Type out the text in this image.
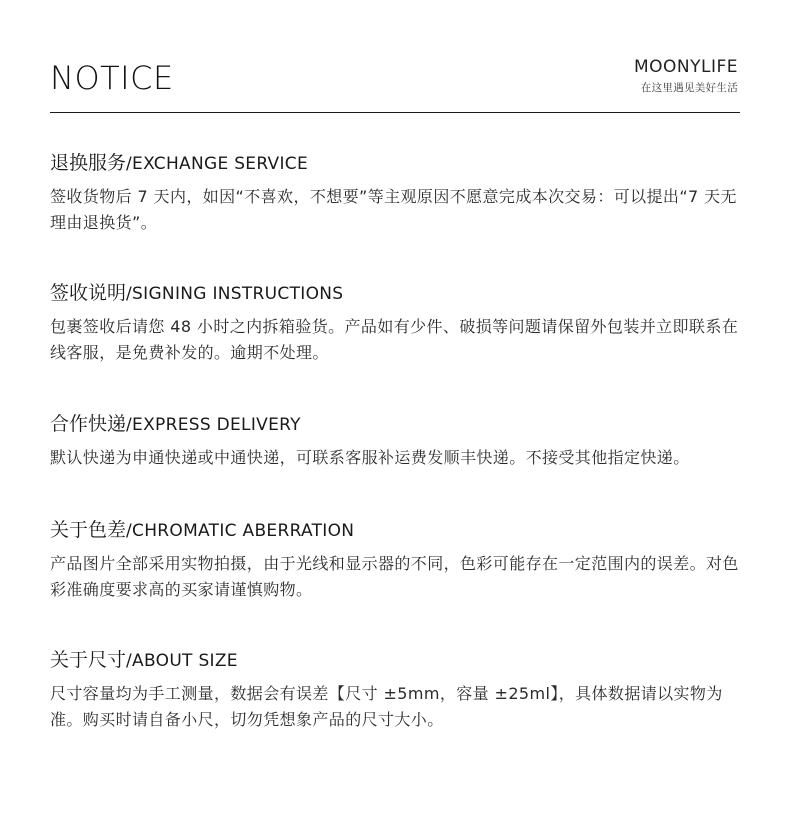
NOTICE	MOONYLIFE
在这里遇见美好生活
退换服务/EXCHANGE SERVICE
签收货物后 7 天内，如因“不喜欢，不想要”等主观原因不愿意完成本次交易：可以提出“7 天无理由退换货”。
签收说明/SIGNING INSTRUCTIONS
包裹签收后请您 48 小时之内拆箱验货。产品如有少件、破损等问题请保留外包装并立即联系在线客服，是免费补发的。逾期不处理。
合作快递/EXPRESS DELIVERY
默认快递为申通快递或中通快递，可联系客服补运费发顺丰快递。不接受其他指定快递。
关于色差/CHROMATIC ABERRATION
产品图片全部采用实物拍摄，由于光线和显示器的不同，色彩可能存在一定范围内的误差。对色彩准确度要求高的买家请谨慎购物。
关于尺寸/ABOUT SIZE
尺寸容量均为手工测量，数据会有误差【尺寸 ±5mm，容量 ±25ml】，具体数据请以实物为准。购买时请自备小尺，切勿凭想象产品的尺寸大小。
